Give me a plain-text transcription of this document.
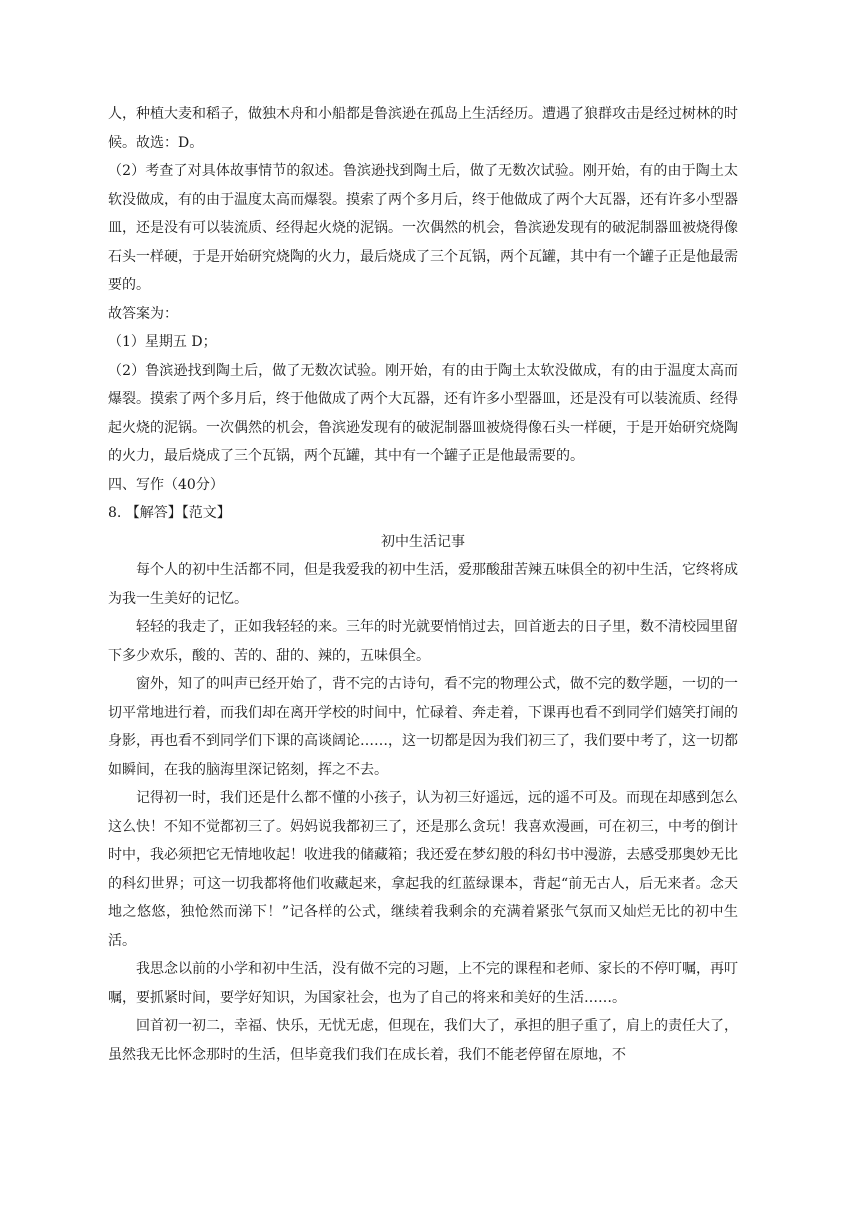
人，种植大麦和稻子，做独木舟和小船都是鲁滨逊在孤岛上生活经历。遭遇了狼群攻击是经过树林的时候。故选：D。

（2）考查了对具体故事情节的叙述。鲁滨逊找到陶土后，做了无数次试验。刚开始，有的由于陶土太软没做成，有的由于温度太高而爆裂。摸索了两个多月后，终于他做成了两个大瓦器，还有许多小型器皿，还是没有可以装流质、经得起火烧的泥锅。一次偶然的机会，鲁滨逊发现有的破泥制器皿被烧得像石头一样硬，于是开始研究烧陶的火力，最后烧成了三个瓦锅，两个瓦罐，其中有一个罐子正是他最需要的。

故答案为：

（1）星期五 D；

（2）鲁滨逊找到陶土后，做了无数次试验。刚开始，有的由于陶土太软没做成，有的由于温度太高而爆裂。摸索了两个多月后，终于他做成了两个大瓦器，还有许多小型器皿，还是没有可以装流质、经得起火烧的泥锅。一次偶然的机会，鲁滨逊发现有的破泥制器皿被烧得像石头一样硬，于是开始研究烧陶的火力，最后烧成了三个瓦锅，两个瓦罐，其中有一个罐子正是他最需要的。

四、写作（40分）

8. 【解答】【范文】

初中生活记事

每个人的初中生活都不同，但是我爱我的初中生活，爱那酸甜苦辣五味俱全的初中生活，它终将成为我一生美好的记忆。

轻轻的我走了，正如我轻轻的来。三年的时光就要悄悄过去，回首逝去的日子里，数不清校园里留下多少欢乐，酸的、苦的、甜的、辣的，五味俱全。

窗外，知了的叫声已经开始了，背不完的古诗句，看不完的物理公式，做不完的数学题，一切的一切平常地进行着，而我们却在离开学校的时间中，忙碌着、奔走着，下课再也看不到同学们嬉笑打闹的身影，再也看不到同学们下课的高谈阔论……，这一切都是因为我们初三了，我们要中考了，这一切都如瞬间，在我的脑海里深记铭刻，挥之不去。

记得初一时，我们还是什么都不懂的小孩子，认为初三好遥远，远的遥不可及。而现在却感到怎么这么快！不知不觉都初三了。妈妈说我都初三了，还是那么贪玩！我喜欢漫画，可在初三，中考的倒计时中，我必须把它无情地收起！收进我的储藏箱；我还爱在梦幻般的科幻书中漫游，去感受那奥妙无比的科幻世界；可这一切我都将他们收藏起来，拿起我的红蓝绿课本，背起“前无古人，后无来者。念天地之悠悠，独怆然而涕下！”记各样的公式，继续着我剩余的充满着紧张气氛而又灿烂无比的初中生活。

我思念以前的小学和初中生活，没有做不完的习题，上不完的课程和老师、家长的不停叮嘱，再叮嘱，要抓紧时间，要学好知识，为国家社会，也为了自己的将来和美好的生活……。

回首初一初二，幸福、快乐，无忧无虑，但现在，我们大了，承担的胆子重了，肩上的责任大了，虽然我无比怀念那时的生活，但毕竟我们我们在成长着，我们不能老停留在原地，不
